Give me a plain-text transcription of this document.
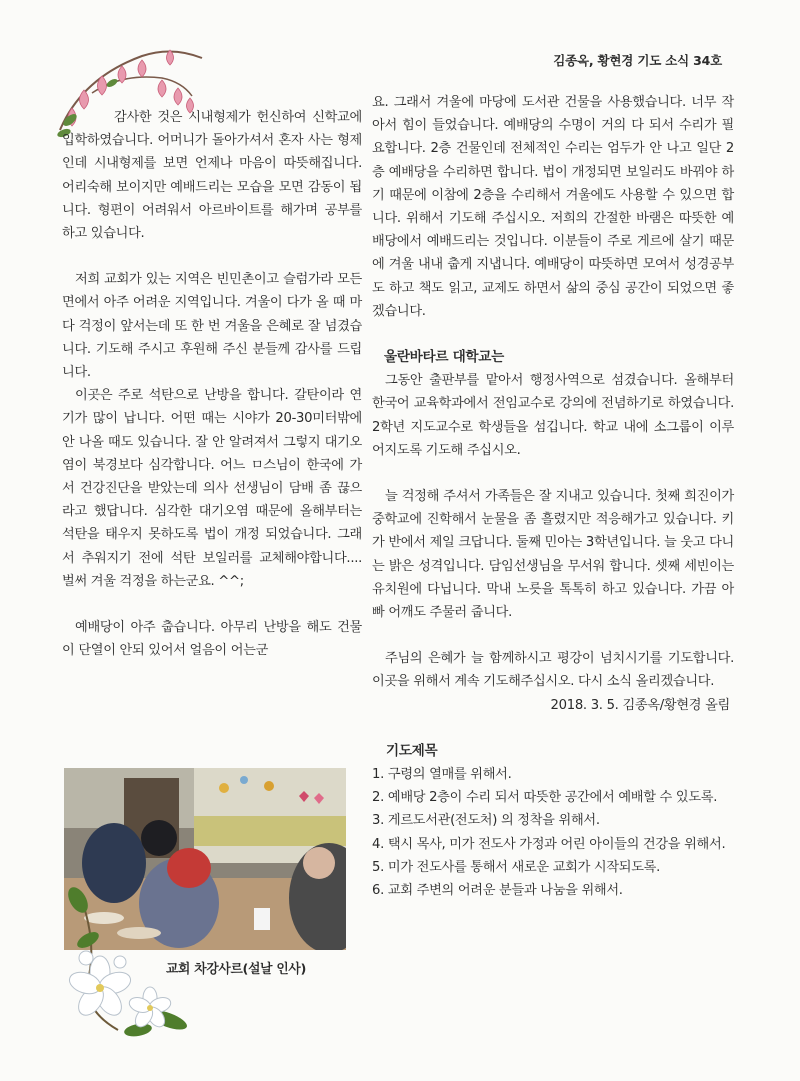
김종옥, 황현경 기도 소식 34호

감사한 것은 시내형제가 헌신하여 신학교에 입학하였습니다. 어머니가 돌아가셔서 혼자 사는 형제인데 시내형제를 보면 언제나 마음이 따뜻해집니다. 어리숙해 보이지만 예배드리는 모습을 모면 감동이 됩니다. 형편이 어려워서 아르바이트를 해가며 공부를 하고 있습니다.

저희 교회가 있는 지역은 빈민촌이고 슬럼가라 모든 면에서 아주 어려운 지역입니다. 겨울이 다가 올 때 마다 걱정이 앞서는데 또 한 번 겨울을 은혜로 잘 넘겼습니다. 기도해 주시고 후원해 주신 분들께 감사를 드립니다.

이곳은 주로 석탄으로 난방을 합니다. 갈탄이라 연기가 많이 납니다. 어떤 때는 시야가 20-30미터밖에 안 나올 때도 있습니다. 잘 안 알려져서 그렇지 대기오염이 북경보다 심각합니다. 어느 ㅁ스님이 한국에 가서 건강진단을 받았는데 의사 선생님이 담배 좀 끊으라고 했답니다. 심각한 대기오염 때문에 올해부터는 석탄을 태우지 못하도록 법이 개정 되었습니다. 그래서 추워지기 전에 석탄 보일러를 교체해야합니다.... 벌써 겨울 걱정을 하는군요. ^^;

예배당이 아주 춥습니다. 아무리 난방을 해도 건물이 단열이 안되 있어서 얼음이 어는군

교회 차강사르(설날 인사)

요. 그래서 겨울에 마당에 도서관 건물을 사용했습니다. 너무 작아서 힘이 들었습니다. 예배당의 수명이 거의 다 되서 수리가 필요합니다. 2층 건물인데 전체적인 수리는 엄두가 안 나고 일단 2층 예배당을 수리하면 합니다. 법이 개정되면 보일러도 바꿔야 하기 때문에 이참에 2층을 수리해서 겨울에도 사용할 수 있으면 합니다. 위해서 기도해 주십시오. 저희의 간절한 바램은 따뜻한 예배당에서 예배드리는 것입니다. 이분들이 주로 게르에 살기 때문에 겨울 내내 춥게 지냅니다. 예배당이 따뜻하면 모여서 성경공부도 하고 책도 읽고, 교제도 하면서 삶의 중심 공간이 되었으면 좋겠습니다.

울란바타르 대학교는

그동안 출판부를 맡아서 행정사역으로 섬겼습니다. 올해부터 한국어 교육학과에서 전임교수로 강의에 전념하기로 하였습니다. 2학년 지도교수로 학생들을 섬깁니다. 학교 내에 소그룹이 이루어지도록 기도해 주십시오.

늘 걱정해 주셔서 가족들은 잘 지내고 있습니다. 첫째 희진이가 중학교에 진학해서 눈물을 좀 흘렸지만 적응해가고 있습니다. 키가 반에서 제일 크답니다. 둘째 민아는 3학년입니다. 늘 웃고 다니는 밝은 성격입니다. 담임선생님을 무서워 합니다. 셋째 세빈이는 유치원에 다닙니다. 막내 노릇을 톡톡히 하고 있습니다. 가끔 아빠 어깨도 주물러 줍니다.

주님의 은혜가 늘 함께하시고 평강이 넘치시기를 기도합니다. 이곳을 위해서 계속 기도해주십시오. 다시 소식 올리겠습니다.

2018. 3. 5. 김종옥/황현경 올림

기도제목

1. 구령의 열매를 위해서.

2. 예배당 2층이 수리 되서 따뜻한 공간에서 예배할 수 있도록.

3. 게르도서관(전도처) 의 정착을 위해서.

4. 택시 목사, 미가 전도사 가정과 어린 아이들의 건강을 위해서.

5. 미가 전도사를 통해서 새로운 교회가 시작되도록.

6. 교회 주변의 어려운 분들과 나눔을 위해서.
